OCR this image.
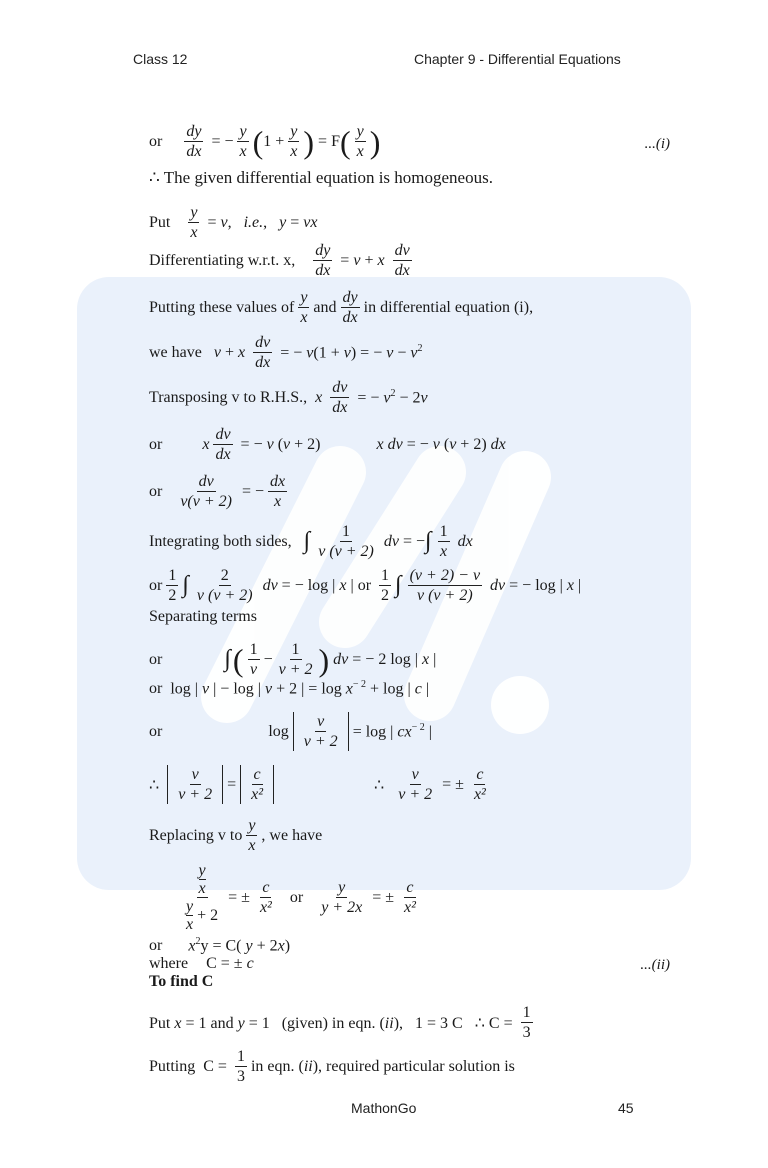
Class 12	Chapter 9 - Differential Equations
or $\frac{dy}{dx}$ = − $\frac{y}{x}$ ( $1 + \frac{y}{x}$ ) = F ( y
x )	...(i)
∴ The given differential equation is homogeneous.
Put $\frac{y}{x} = v$,   i.e.,   y = vx
Differentiating w.r.t. x, $\frac{dy}{dx} = v + x$
dv
dx
Putting these values of
y
x
and
dy
dx
in differential equation (i),
we have v + x $\frac{dv}{dx}$ = − v(1 + v) = − $v - v^2$
Transposing v to R.H.S., x $\frac{dv}{dx}$ = − $v^2 - 2v$
or	x $\frac{dv}{dx}$ = − v (v + 2)	x dv = − v (v + 2) dx
or $\frac{dv}{v(v + 2)}$ = − $\frac{dx}{x}$
Integrating both sides, ∫ 1
v (v + 2)
dv = − ∫ 1
x
dx
or
1
2 ∫ 2
v (v + 2)
dv = − log | x | or
1
2 ∫ (v + 2) − v
v (v + 2)
dv = − log | x |
Separating terms
or	∫ ( 1
v
− $\frac{1}{v + 2}$ ) dv = − 2 log | x |
or log | v | − log | v + 2 | = $\log x^{- 2} + \log$ | c |
or	log
v
v + 2
= log | $cx^{- 2}$ |
∴
v
v + 2
=
c
x²
∴ $\frac{v}{v + 2}$ = ± $\frac{c}{\text{x²}}$
Replacing v to
y
x
, we have
y
x
y
x
+ 2 = ± $\frac{c}{\text{x²}}$ or $\frac{y}{y + 2x}$ = ± $\frac{c}{\text{x²}}$
or $x^2y = C$( y + 2x)
where C = ± c	...(ii)
To find C
Put x = 1 and y = 1   (given) in eqn. (ii),   1 = 3 C   ∴ $C = \frac{1}{3}$
Putting  $C = \frac{1}{3}$ in eqn. (ii), required particular solution is
MathonGo	45
